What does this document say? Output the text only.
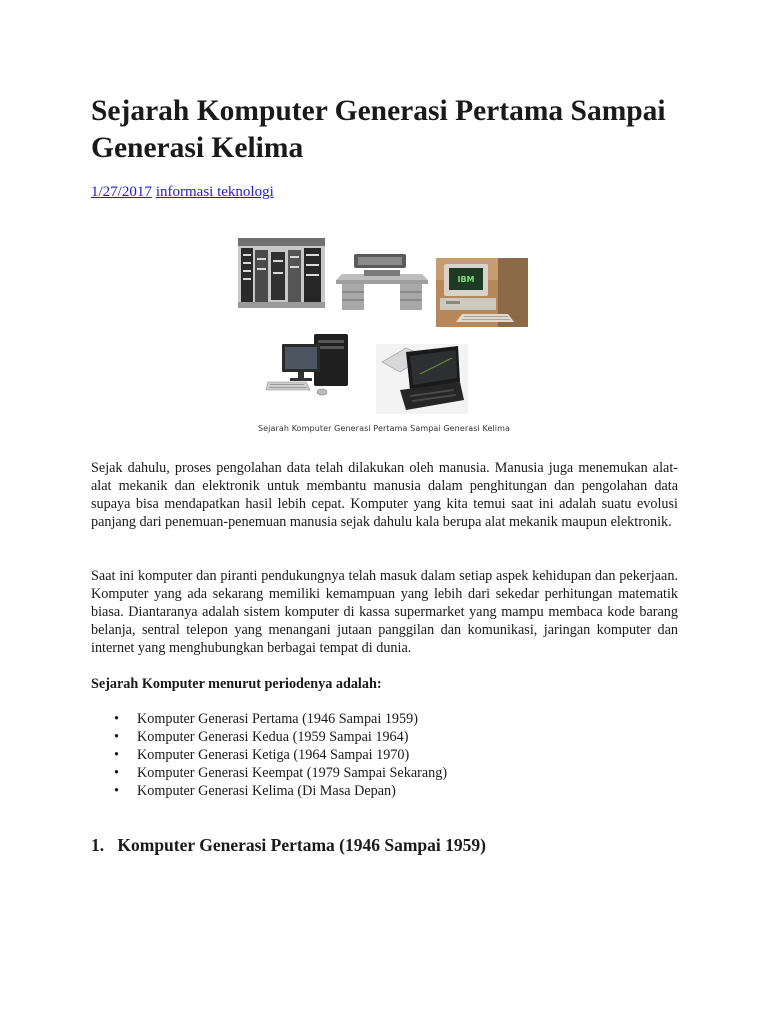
Sejarah Komputer Generasi Pertama Sampai Generasi Kelima
1/27/2017 informasi teknologi
IBM
Sejarah Komputer Generasi Pertama Sampai Generasi Kelima

Sejak dahulu, proses pengolahan data telah dilakukan oleh manusia. Manusia juga menemukan alat-alat mekanik dan elektronik untuk membantu manusia dalam penghitungan dan pengolahan data supaya bisa mendapatkan hasil lebih cepat. Komputer yang kita temui saat ini adalah suatu evolusi panjang dari penemuan-penemuan manusia sejak dahulu kala berupa alat mekanik maupun elektronik.

Saat ini komputer dan piranti pendukungnya telah masuk dalam setiap aspek kehidupan dan pekerjaan. Komputer yang ada sekarang memiliki kemampuan yang lebih dari sekedar perhitungan matematik biasa. Diantaranya adalah sistem komputer di kassa supermarket yang mampu membaca kode barang belanja, sentral telepon yang menangani jutaan panggilan dan komunikasi, jaringan komputer dan internet yang menghubungkan berbagai tempat di dunia.

Sejarah Komputer menurut periodenya adalah:

• Komputer Generasi Pertama (1946 Sampai 1959)
• Komputer Generasi Kedua (1959 Sampai 1964)
• Komputer Generasi Ketiga (1964 Sampai 1970)
• Komputer Generasi Keempat (1979 Sampai Sekarang)
• Komputer Generasi Kelima (Di Masa Depan)
1. Komputer Generasi Pertama (1946 Sampai 1959)
